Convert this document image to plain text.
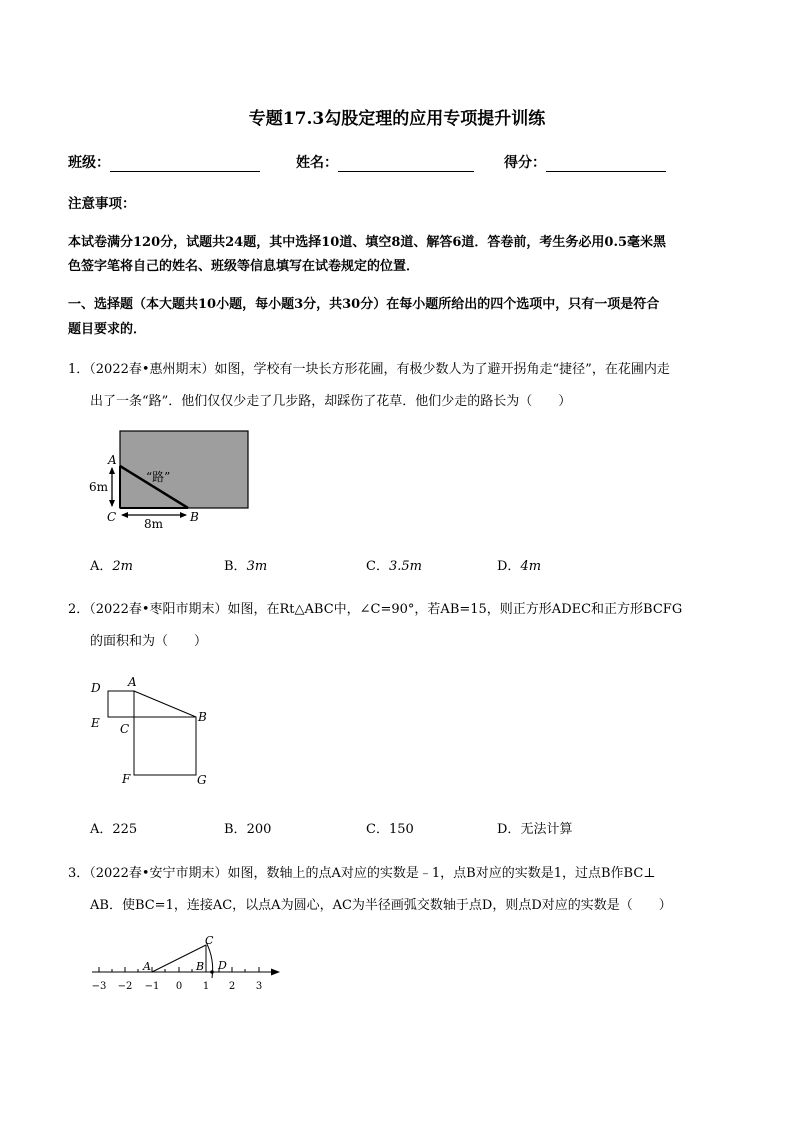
专题17.3勾股定理的应用专项提升训练
班级：	姓名：	得分：
注意事项：
本试卷满分120分，试题共24题，其中选择10道、填空8道、解答6道．答卷前，考生务必用0.5毫米黑
色签字笔将自己的姓名、班级等信息填写在试卷规定的位置．
一、选择题（本大题共10小题，每小题3分，共30分）在每小题所给出的四个选项中，只有一项是符合
题目要求的．
1．（2022春•惠州期末）如图，学校有一块长方形花圃，有极少数人为了避开拐角走“捷径”，在花圃内走
出了一条“路”．他们仅仅少走了几步路，却踩伤了花草．他们少走的路长为（　　）
A
C	B
“路”
6m
8m
D A
E C
B
F	G
C
A	B D
−3 −2 −1 0 1 2 3
A．2m	B．3m	C．3.5m	D．4m
2．（2022春•枣阳市期末）如图，在Rt△ABC中，∠C=90°，若AB=15，则正方形ADEC和正方形BCFG
的面积和为（　　）
A．225	B．200	C．150	D．无法计算
3．（2022春•安宁市期末）如图，数轴上的点A对应的实数是﹣1，点B对应的实数是1，过点B作BC⊥
AB．使BC=1，连接AC，以点A为圆心，AC为半径画弧交数轴于点D，则点D对应的实数是（　　）
